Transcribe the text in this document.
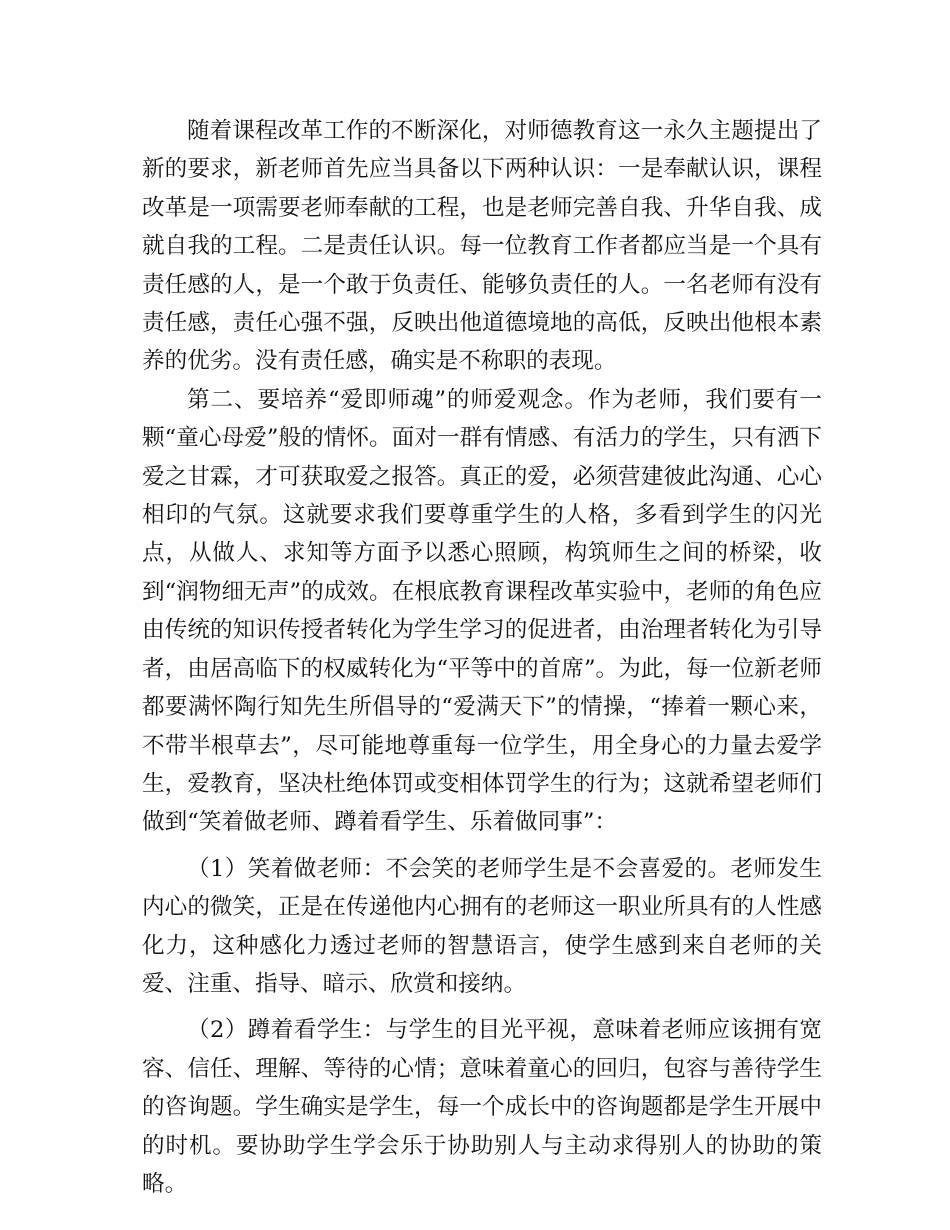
随着课程改革工作的不断深化，对师德教育这一永久主题提出了新的要求，新老师首先应当具备以下两种认识：一是奉献认识，课程改革是一项需要老师奉献的工程，也是老师完善自我、升华自我、成就自我的工程。二是责任认识。每一位教育工作者都应当是一个具有责任感的人，是一个敢于负责任、能够负责任的人。一名老师有没有责任感，责任心强不强，反映出他道德境地的高低，反映出他根本素养的优劣。没有责任感，确实是不称职的表现。

第二、要培养“爱即师魂”的师爱观念。作为老师，我们要有一颗“童心母爱”般的情怀。面对一群有情感、有活力的学生，只有洒下爱之甘霖，才可获取爱之报答。真正的爱，必须营建彼此沟通、心心相印的气氛。这就要求我们要尊重学生的人格，多看到学生的闪光点，从做人、求知等方面予以悉心照顾，构筑师生之间的桥梁，收到“润物细无声”的成效。在根底教育课程改革实验中，老师的角色应由传统的知识传授者转化为学生学习的促进者，由治理者转化为引导者，由居高临下的权威转化为“平等中的首席”。为此，每一位新老师都要满怀陶行知先生所倡导的“爱满天下”的情操，“捧着一颗心来，不带半根草去”，尽可能地尊重每一位学生，用全身心的力量去爱学生，爱教育，坚决杜绝体罚或变相体罚学生的行为；这就希望老师们做到“笑着做老师、蹲着看学生、乐着做同事”：

（1）笑着做老师：不会笑的老师学生是不会喜爱的。老师发生内心的微笑，正是在传递他内心拥有的老师这一职业所具有的人性感化力，这种感化力透过老师的智慧语言，使学生感到来自老师的关爱、注重、指导、暗示、欣赏和接纳。

（2）蹲着看学生：与学生的目光平视，意味着老师应该拥有宽容、信任、理解、等待的心情；意味着童心的回归，包容与善待学生的咨询题。学生确实是学生，每一个成长中的咨询题都是学生开展中的时机。要协助学生学会乐于协助别人与主动求得别人的协助的策略。
